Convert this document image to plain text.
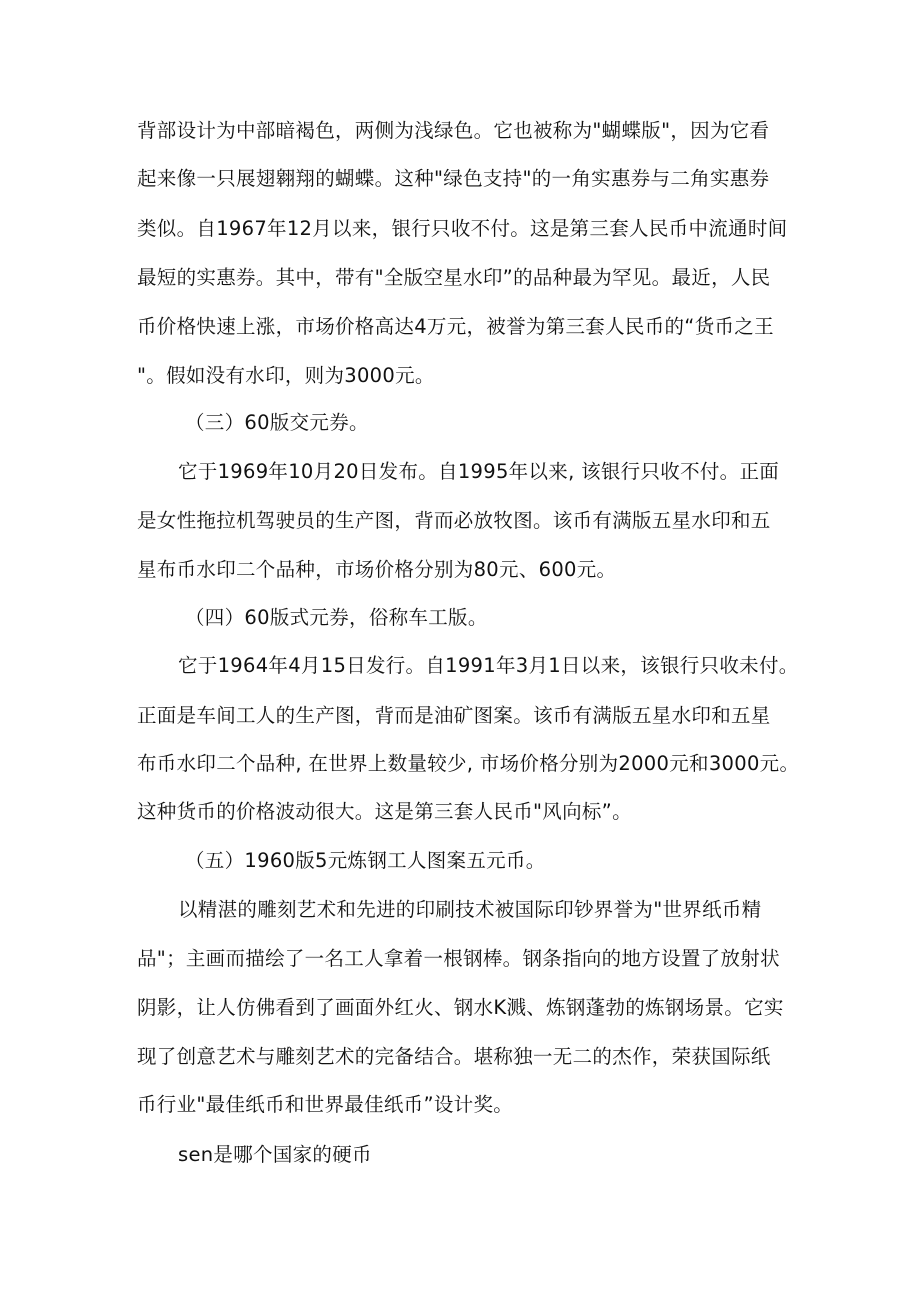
背部设计为中部暗褐色，两侧为浅绿色。它也被称为"蝴蝶版"，因为它看
起来像一只展翅翱翔的蝴蝶。这种"绿色支持"的一角实惠券与二角实惠券
类似。自1967年12月以来，银行只收不付。这是第三套人民币中流通时间
最短的实惠券。其中，带有"全版空星水印”的品种最为罕见。最近，人民
币价格快速上涨，市场价格高达4万元，被誉为第三套人民币的“货币之王
"。假如没有水印，则为3000元。
（三）60版交元券。
它于1969年10月20日发布。自1995年以来, 该银行只收不付。正面
是女性拖拉机驾驶员的生产图，背而必放牧图。该币有满版五星水印和五
星布币水印二个品种，市场价格分别为80元、600元。
（四）60版式元券，俗称车工版。
它于1964年4月15日发行。自1991年3月1日以来，该银行只收未付。
正面是车间工人的生产图，背而是油矿图案。该币有满版五星水印和五星
布币水印二个品种, 在世界上数量较少, 市场价格分别为2000元和3000元。
这种货币的价格波动很大。这是第三套人民币"风向标”。
（五）1960版5元炼钢工人图案五元币。
以精湛的雕刻艺术和先进的印刷技术被国际印钞界誉为"世界纸币精
品"；主画而描绘了一名工人拿着一根钢棒。钢条指向的地方设置了放射状
阴影，让人仿佛看到了画面外红火、钢水K溅、炼钢蓬勃的炼钢场景。它实
现了创意艺术与雕刻艺术的完备结合。堪称独一无二的杰作，荣获国际纸
币行业"最佳纸币和世界最佳纸币”设计奖。
sen是哪个国家的硬币
